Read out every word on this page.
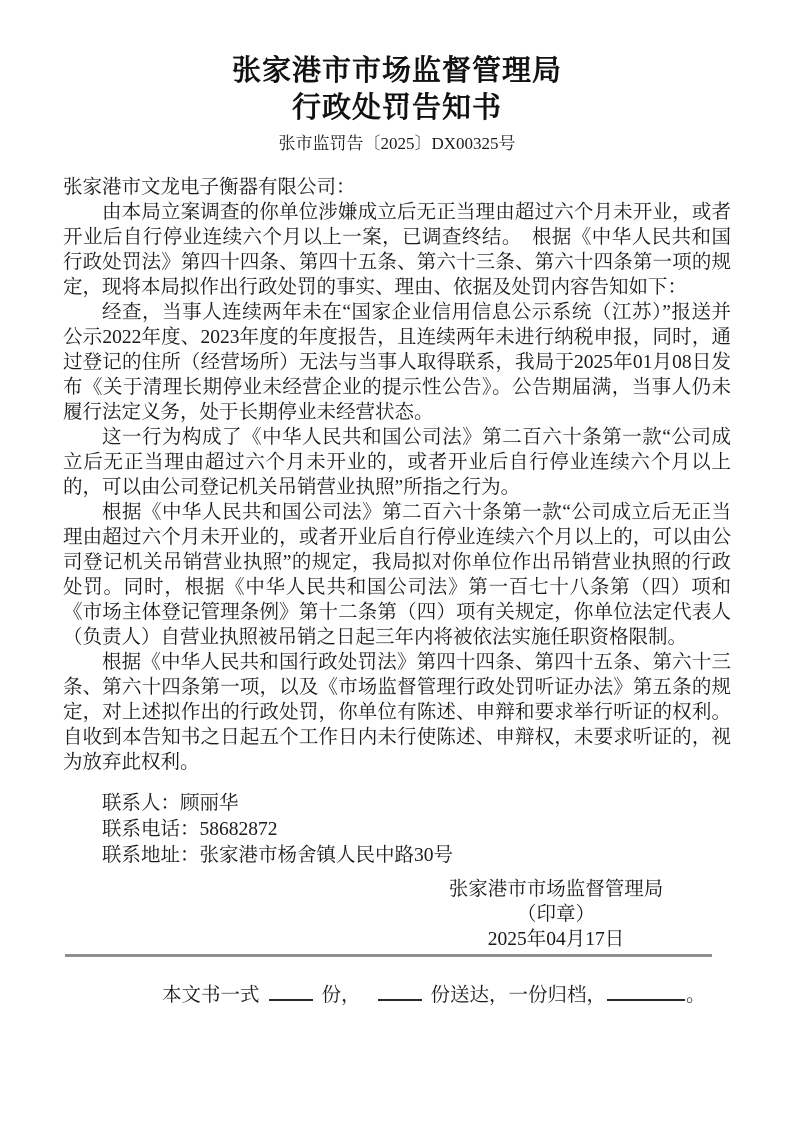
张家港市市场监督管理局
行政处罚告知书
张市监罚告〔2025〕DX00325号
张家港市文龙电子衡器有限公司：

由本局立案调查的你单位涉嫌成立后无正当理由超过六个月未开业，或者开业后自行停业连续六个月以上一案，已调查终结。　根据《中华人民共和国行政处罚法》第四十四条、第四十五条、第六十三条、第六十四条第一项的规定，现将本局拟作出行政处罚的事实、理由、依据及处罚内容告知如下：

经查，当事人连续两年未在“国家企业信用信息公示系统（江苏）”报送并公示2022年度、2023年度的年度报告，且连续两年未进行纳税申报，同时，通过登记的住所（经营场所）无法与当事人取得联系，我局于2025年01月08日发布《关于清理长期停业未经营企业的提示性公告》。公告期届满，当事人仍未履行法定义务，处于长期停业未经营状态。

这一行为构成了《中华人民共和国公司法》第二百六十条第一款“公司成立后无正当理由超过六个月未开业的，或者开业后自行停业连续六个月以上的，可以由公司登记机关吊销营业执照”所指之行为。

根据《中华人民共和国公司法》第二百六十条第一款“公司成立后无正当理由超过六个月未开业的，或者开业后自行停业连续六个月以上的，可以由公司登记机关吊销营业执照”的规定，我局拟对你单位作出吊销营业执照的行政处罚。同时，根据《中华人民共和国公司法》第一百七十八条第（四）项和《市场主体登记管理条例》第十二条第（四）项有关规定，你单位法定代表人（负责人）自营业执照被吊销之日起三年内将被依法实施任职资格限制。

根据《中华人民共和国行政处罚法》第四十四条、第四十五条、第六十三条、第六十四条第一项，以及《市场监督管理行政处罚听证办法》第五条的规定，对上述拟作出的行政处罚，你单位有陈述、申辩和要求举行听证的权利。自收到本告知书之日起五个工作日内未行使陈述、申辩权，未要求听证的，视为放弃此权利。

联系人：顾丽华
联系电话：58682872
联系地址：张家港市杨舍镇人民中路30号
张家港市市场监督管理局
（印章）
2025年04月17日
本文书一式	份，	份送达，一份归档，	。
